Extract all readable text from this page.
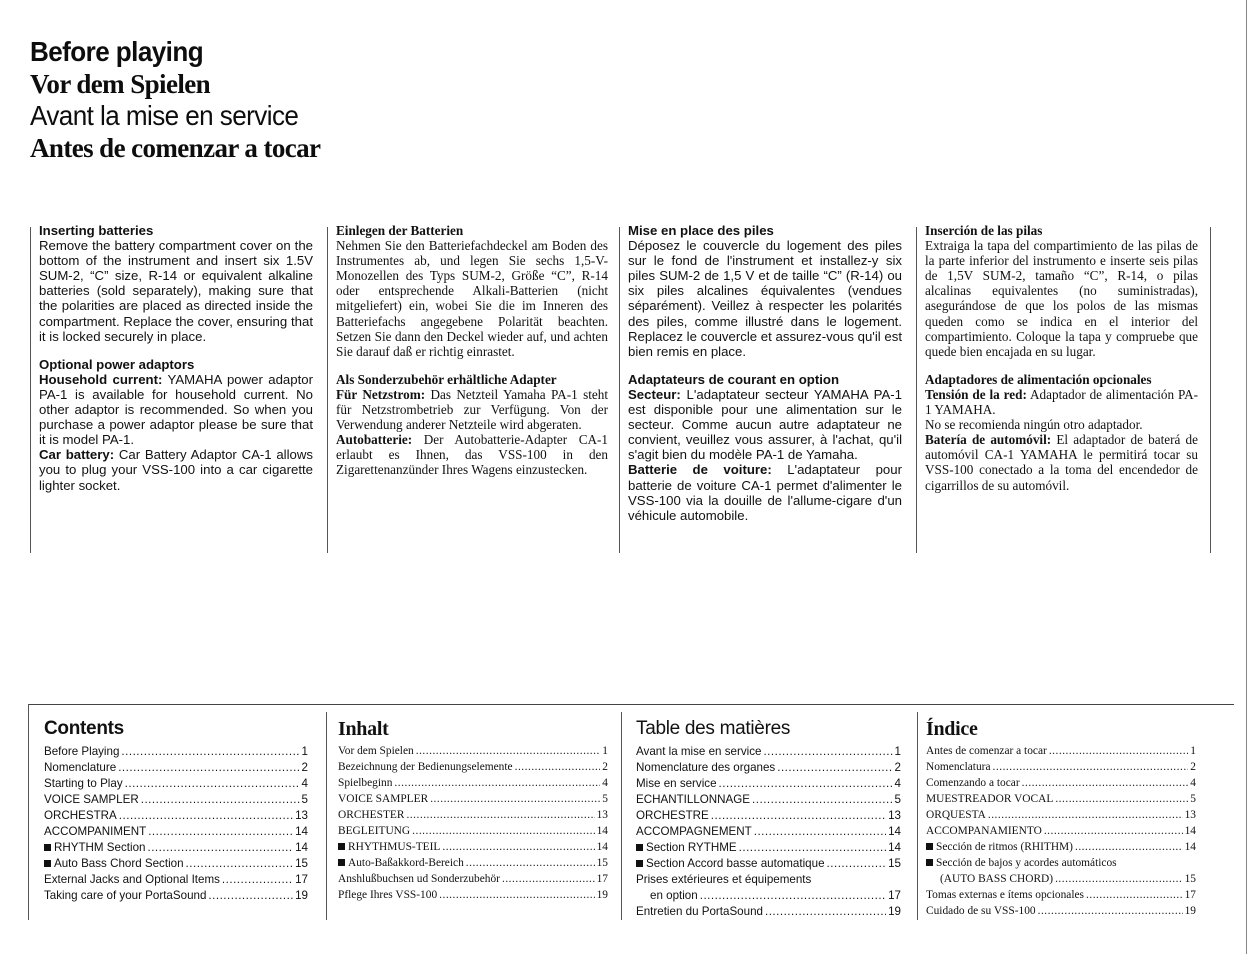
Before playing
Vor dem Spielen
Avant la mise en service
Antes de comenzar a tocar
Inserting batteries

Remove the battery compartment cover on the bottom of the instrument and insert six 1.5V SUM-2, “C” size, R-14 or equivalent alkaline batteries (sold separately), making sure that the polarities are placed as directed inside the compartment. Replace the cover, ensuring that it is locked securely in place.

Optional power adaptors

Household current: YAMAHA power adaptor PA-1 is available for household current. No other adaptor is recommended. So when you purchase a power adaptor please be sure that it is model PA-1.

Car battery: Car Battery Adaptor CA-1 allows you to plug your VSS-100 into a car cigarette lighter socket.

Einlegen der Batterien

Nehmen Sie den Batteriefachdeckel am Boden des Instrumentes ab, und legen Sie sechs 1,5-V-Monozellen des Typs SUM-2, Größe “C”, R-14 oder entsprechende Alkali-Batterien (nicht mitgeliefert) ein, wobei Sie die im Inneren des Batteriefachs angegebene Polarität beachten. Setzen Sie dann den Deckel wieder auf, und achten Sie darauf daß er richtig einrastet.

Als Sonderzubehör erhältliche Adapter

Für Netzstrom: Das Netzteil Yamaha PA-1 steht für Netzstrombetrieb zur Verfügung. Von der Verwendung anderer Netzteile wird abgeraten.

Autobatterie: Der Autobatterie-Adapter CA-1 erlaubt es Ihnen, das VSS-100 in den Zigarettenanzünder Ihres Wagens einzustecken.

Mise en place des piles

Déposez le couvercle du logement des piles sur le fond de l'instrument et installez-y six piles SUM-2 de 1,5 V et de taille “C” (R-14) ou six piles alcalines équivalentes (vendues séparément). Veillez à respecter les polarités des piles, comme illustré dans le logement. Replacez le couvercle et assurez-vous qu'il est bien remis en place.

Adaptateurs de courant en option

Secteur: L'adaptateur secteur YAMAHA PA-1 est disponible pour une alimentation sur le secteur. Comme aucun autre adaptateur ne convient, veuillez vous assurer, à l'achat, qu'il s'agit bien du modèle PA-1 de Yamaha.

Batterie de voiture: L'adaptateur pour batterie de voiture CA-1 permet d'alimenter le VSS-100 via la douille de l'allume-cigare d'un véhicule automobile.

Inserción de las pilas

Extraiga la tapa del compartimiento de las pilas de la parte inferior del instrumento e inserte seis pilas de 1,5V SUM-2, tamaño “C”, R-14, o pilas alcalinas equivalentes (no suministradas), asegurándose de que los polos de las mismas queden como se indica en el interior del compartimiento. Coloque la tapa y compruebe que quede bien encajada en su lugar.

Adaptadores de alimentación opcionales

Tensión de la red: Adaptador de alimentación PA-1 YAMAHA.

No se recomienda ningún otro adaptador.

Batería de automóvil: El adaptador de baterá de automóvil CA-1 YAMAHA le permitirá tocar su VSS-100 conectado a la toma del encendedor de cigarrillos de su automóvil.

Contents
Before Playing .....	1
Nomenclature .....	2
Starting to Play .....	4
VOICE SAMPLER .....	5
ORCHESTRA .....	13
ACCOMPANIMENT .....	14
RHYTHM Section .....	14
Auto Bass Chord Section .....	15
External Jacks and Optional Items .....	17
Taking care of your PortaSound .....	19
Inhalt
Vor dem Spielen .....	1
Bezeichnung der Bedienungselemente .....	2
Spielbeginn .....	4
VOICE SAMPLER .....	5
ORCHESTER .....	13
BEGLEITUNG .....	14
RHYTHMUS-TEIL .....	14
Auto-Baßakkord-Bereich .....	15
Anshlußbuchsen ud Sonderzubehör .....	17
Pflege Ihres VSS-100 .....	19
Table des matières
Avant la mise en service .....	1
Nomenclature des organes .....	2
Mise en service .....	4
ECHANTILLONNAGE .....	5
ORCHESTRE .....	13
ACCOMPAGNEMENT .....	14
Section RYTHME .....	14
Section Accord basse automatique .....	15
Prises extérieures et équipements
en option .....	17
Entretien du PortaSound .....	19
Índice
Antes de comenzar a tocar .....	1
Nomenclatura .....	2
Comenzando a tocar .....	4
MUESTREADOR VOCAL .....	5
ORQUESTA .....	13
ACCOMPANAMIENTO .....	14
Sección de ritmos (RHITHM) .....	14
Sección de bajos y acordes automáticos
(AUTO BASS CHORD) .....	15
Tomas externas e ítems opcionales .....	17
Cuidado de su VSS-100 .....	19
